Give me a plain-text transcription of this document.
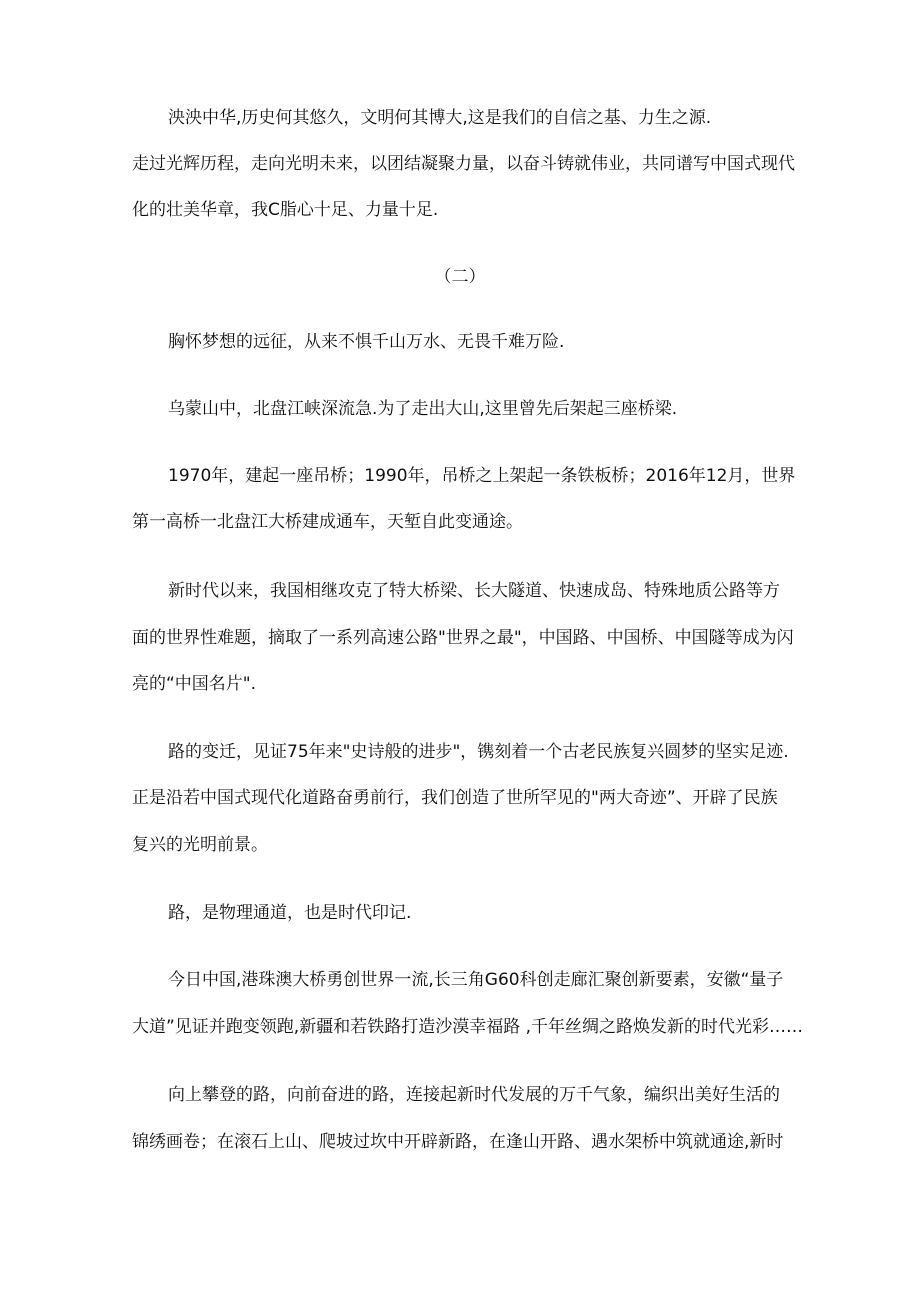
泱泱中华,历史何其悠久，文明何其博大,这是我们的自信之基、力生之源.
走过光辉历程，走向光明未来，以团结凝聚力量，以奋斗铸就伟业，共同谱写中国式现代
化的壮美华章，我C脂心十足、力量十足.
（二）
胸怀梦想的远征，从来不惧千山万水、无畏千难万险.
乌蒙山中，北盘江峡深流急.为了走出大山,这里曾先后架起三座桥梁.
1970年，建起一座吊桥；1990年，吊桥之上架起一条铁板桥；2016年12月，世界
第一高桥一北盘江大桥建成通车，天堑自此变通途。
新时代以来，我国相继攻克了特大桥梁、长大隧道、快速成岛、特殊地质公路等方
面的世界性难题，摘取了一系列高速公路"世界之最"，中国路、中国桥、中国隧等成为闪
亮的“中国名片".
路的变迁，见证75年来"史诗般的进步"，镌刻着一个古老民族复兴圆梦的坚实足迹.
正是沿若中国式现代化道路奋勇前行，我们创造了世所罕见的"两大奇迹”、开辟了民族
复兴的光明前景。
路，是物理通道，也是时代印记.
今日中国,港珠澳大桥勇创世界一流,长三角G60科创走廊汇聚创新要素，安徽“量子
大道”见证并跑变领跑,新疆和若铁路打造沙漠幸福路 ,千年丝绸之路焕发新的时代光彩……
向上攀登的路，向前奋进的路，连接起新时代发展的万千气象，编织出美好生活的
锦绣画卷；在滚石上山、爬坡过坎中开辟新路，在逢山开路、遇水架桥中筑就通途,新时
